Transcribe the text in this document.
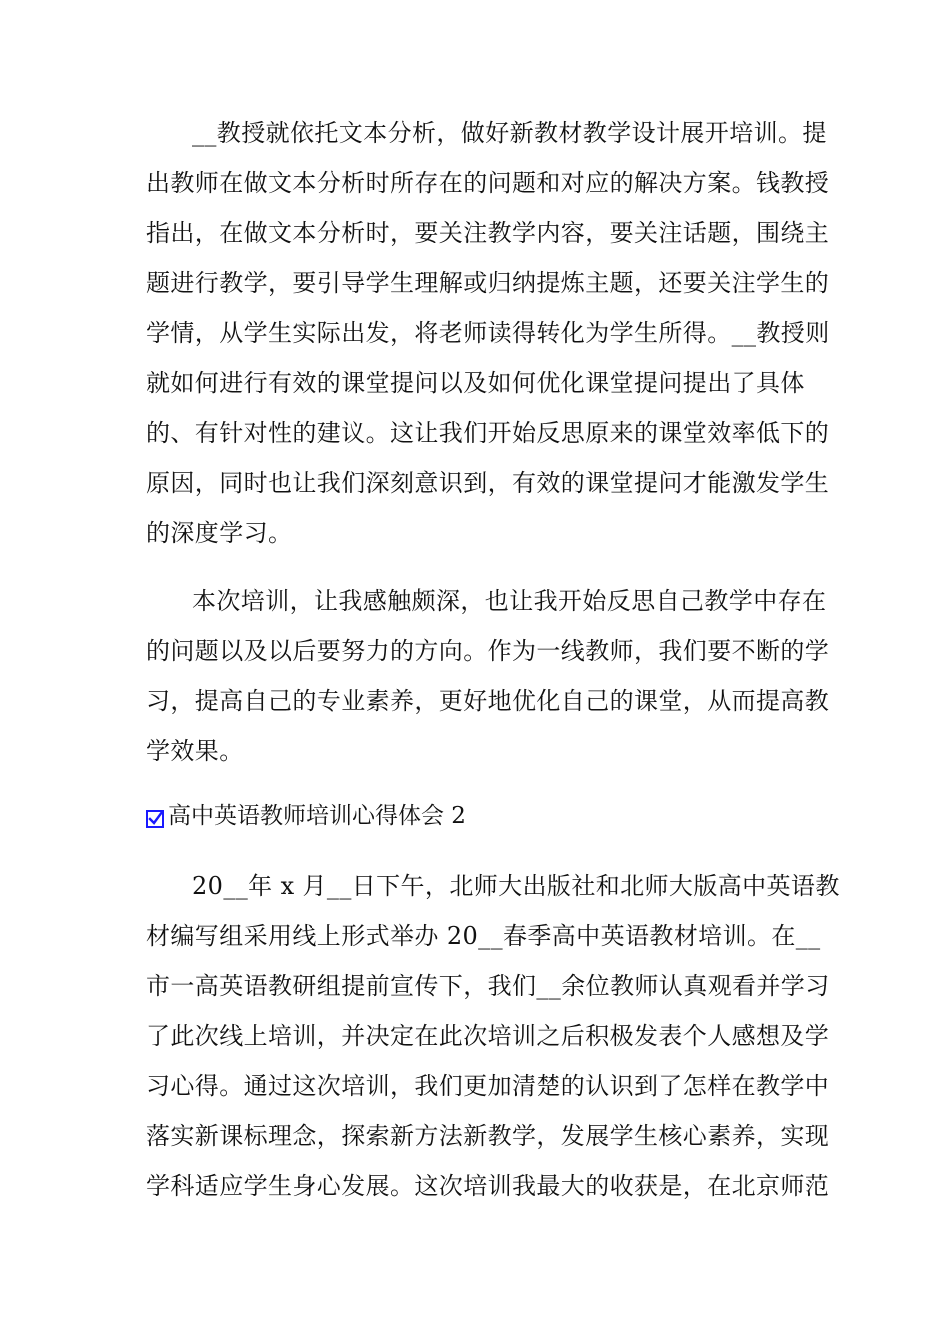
__教授就依托文本分析，做好新教材教学设计展开培训。提
出教师在做文本分析时所存在的问题和对应的解决方案。钱教授
指出，在做文本分析时，要关注教学内容，要关注话题，围绕主
题进行教学，要引导学生理解或归纳提炼主题，还要关注学生的
学情，从学生实际出发，将老师读得转化为学生所得。__教授则
就如何进行有效的课堂提问以及如何优化课堂提问提出了具体
的、有针对性的建议。这让我们开始反思原来的课堂效率低下的
原因，同时也让我们深刻意识到，有效的课堂提问才能激发学生
的深度学习。
本次培训，让我感触颇深，也让我开始反思自己教学中存在
的问题以及以后要努力的方向。作为一线教师，我们要不断的学
习，提高自己的专业素养，更好地优化自己的课堂，从而提高教
学效果。
高中英语教师培训心得体会 2
20__年 x 月__日下午，北师大出版社和北师大版高中英语教
材编写组采用线上形式举办 20__春季高中英语教材培训。在__
市一高英语教研组提前宣传下，我们__余位教师认真观看并学习
了此次线上培训，并决定在此次培训之后积极发表个人感想及学
习心得。通过这次培训，我们更加清楚的认识到了怎样在教学中
落实新课标理念，探索新方法新教学，发展学生核心素养，实现
学科适应学生身心发展。这次培训我最大的收获是，在北京师范
